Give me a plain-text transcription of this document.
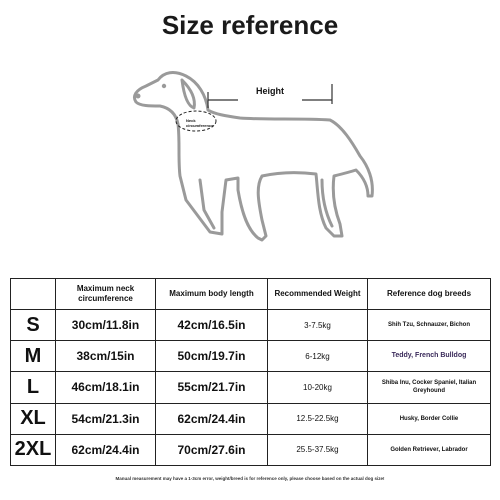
Size reference
Height
Neck
circumference
	Maximum neck circumference	Maximum body length	Recommended Weight	Reference dog breeds
S	30cm/11.8in	42cm/16.5in	3-7.5kg	Shih Tzu, Schnauzer, Bichon
M	38cm/15in	50cm/19.7in	6-12kg	Teddy, French Bulldog
L	46cm/18.1in	55cm/21.7in	10-20kg	Shiba Inu, Cocker Spaniel, Italian Greyhound
XL	54cm/21.3in	62cm/24.4in	12.5-22.5kg	Husky, Border Collie
2XL	62cm/24.4in	70cm/27.6in	25.5-37.5kg	Golden Retriever, Labrador
Manual measurement may have a 1-3cm error, weight/breed is for reference only, please choose based on the actual dog size!
